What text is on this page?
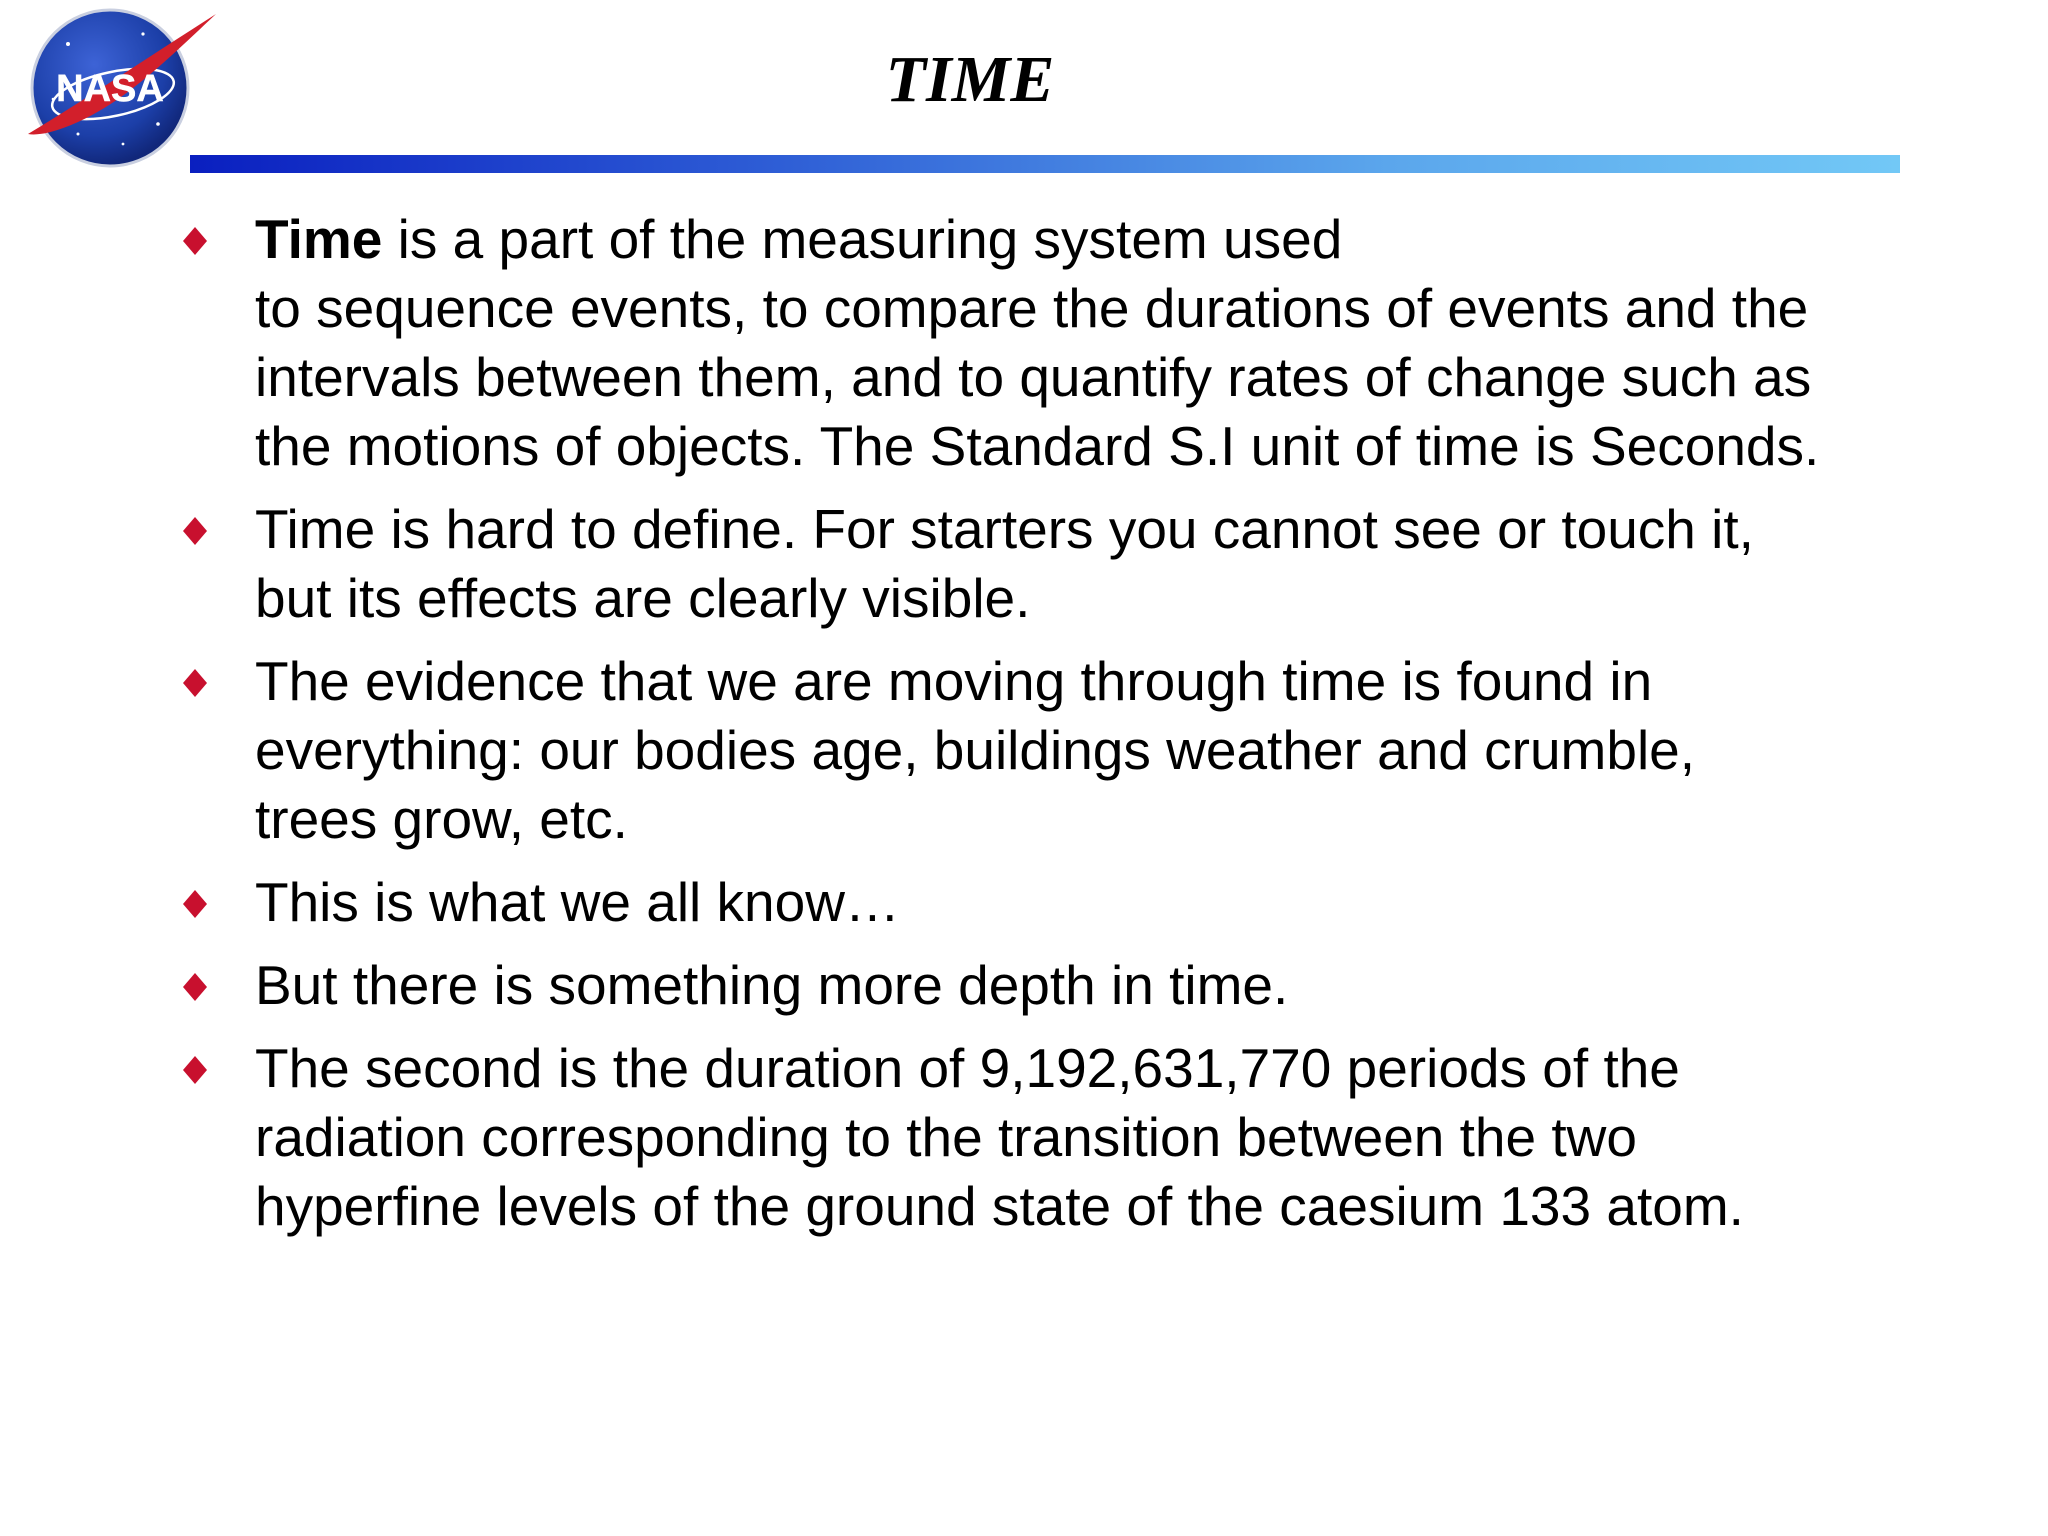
NASA	TIME
Time is a part of the measuring system used
to sequence events, to compare the durations of events and the
intervals between them, and to quantify rates of change such as
the motions of objects. The Standard S.I unit of time is Seconds.
Time is hard to define. For starters you cannot see or touch it,
but its effects are clearly visible.
The evidence that we are moving through time is found in
everything: our bodies age, buildings weather and crumble,
trees grow, etc.
This is what we all know…
But there is something more depth in time.
The second is the duration of 9,192,631,770 periods of the
radiation corresponding to the transition between the two
hyperfine levels of the ground state of the caesium 133 atom.
